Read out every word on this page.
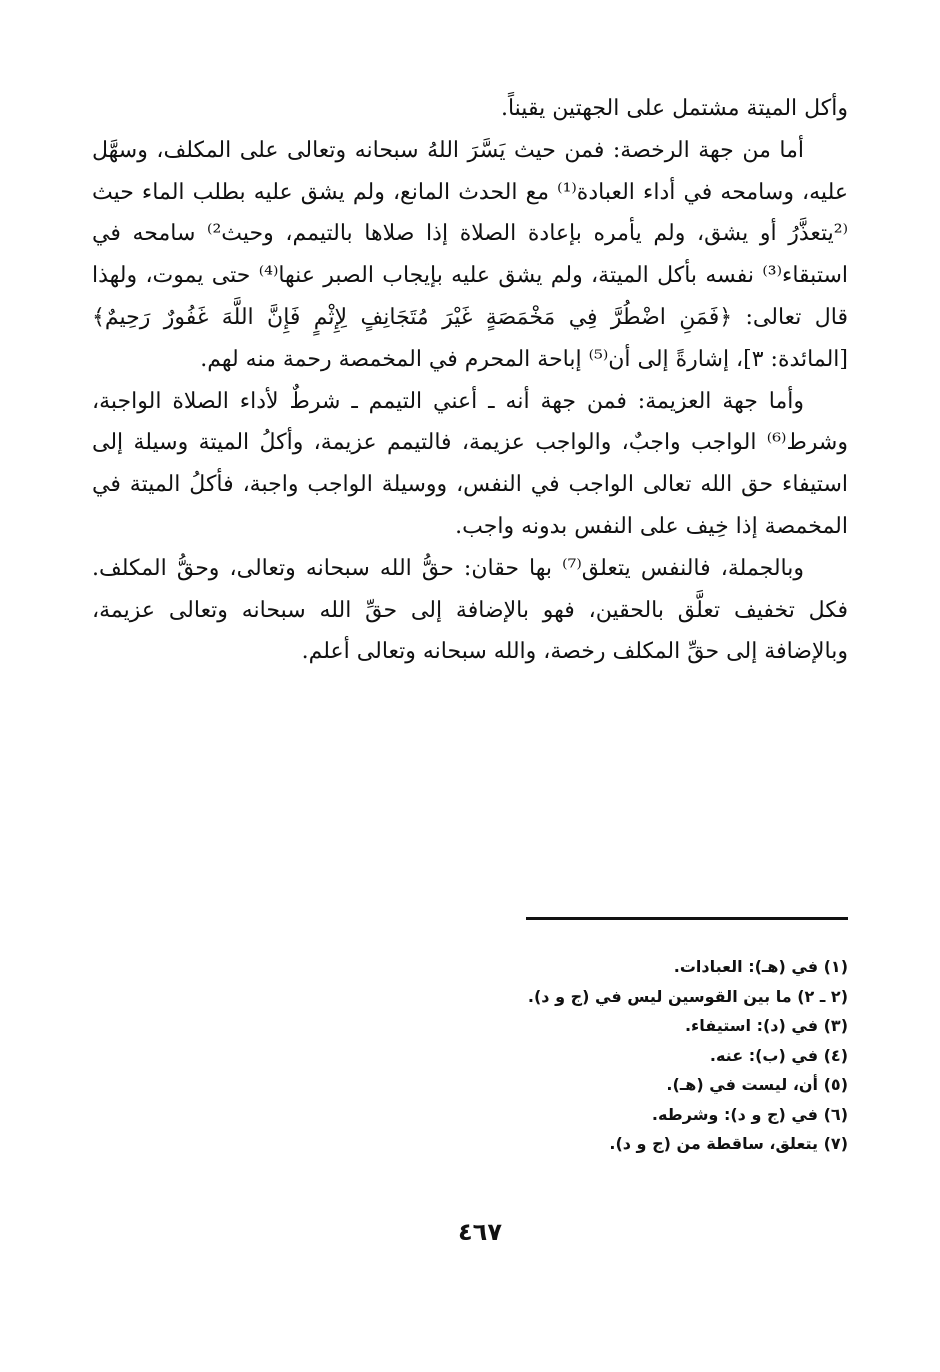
وأكل الميتة مشتمل على الجهتين يقيناً.

أما من جهة الرخصة: فمن حيث يَسَّرَ اللهُ سبحانه وتعالى على المكلف، وسهَّل عليه، وسامحه في أداء العبادة⁽¹⁾ مع الحدث المانع، ولم يشق عليه بطلب الماء حيث ⁽²يتعذَّرُ أو يشق، ولم يأمره بإعادة الصلاة إذا صلاها بالتيمم، وحيث²⁾ سامحه في استبقاء⁽³⁾ نفسه بأكل الميتة، ولم يشق عليه بإيجاب الصبر عنها⁽⁴⁾ حتى يموت، ولهذا قال تعالى: ﴿فَمَنِ اضْطُرَّ فِي مَخْمَصَةٍ غَيْرَ مُتَجَانِفٍ لِإِثْمٍ فَإِنَّ اللَّهَ غَفُورٌ رَحِيمٌ﴾ [المائدة: ٣]، إشارةً إلى أن⁽⁵⁾ إباحة المحرم في المخمصة رحمة منه لهم.

وأما جهة العزيمة: فمن جهة أنه ـ أعني التيمم ـ شرطٌ لأداء الصلاة الواجبة، وشرط⁽⁶⁾ الواجب واجبٌ، والواجب عزيمة، فالتيمم عزيمة، وأكلُ الميتة وسيلة إلى استيفاء حق الله تعالى الواجب في النفس، ووسيلة الواجب واجبة، فأكلُ الميتة في المخمصة إذا خِيف على النفس بدونه واجب.

وبالجملة، فالنفس يتعلق⁽⁷⁾ بها حقان: حقُّ الله سبحانه وتعالى، وحقُّ المكلف. فكل تخفيف تعلَّق بالحقين، فهو بالإضافة إلى حقِّ الله سبحانه وتعالى عزيمة، وبالإضافة إلى حقِّ المكلف رخصة، والله سبحانه وتعالى أعلم.

(١) في (هـ): العبادات.

(٢ ـ ٢) ما بين القوسين ليس في (ج و د).

(٣) في (د): استيفاء.

(٤) في (ب): عنه.

(٥) أن، ليست في (هـ).

(٦) في (ج و د): وشرطه.

(٧) يتعلق، ساقطة من (ج و د).

٤٦٧
